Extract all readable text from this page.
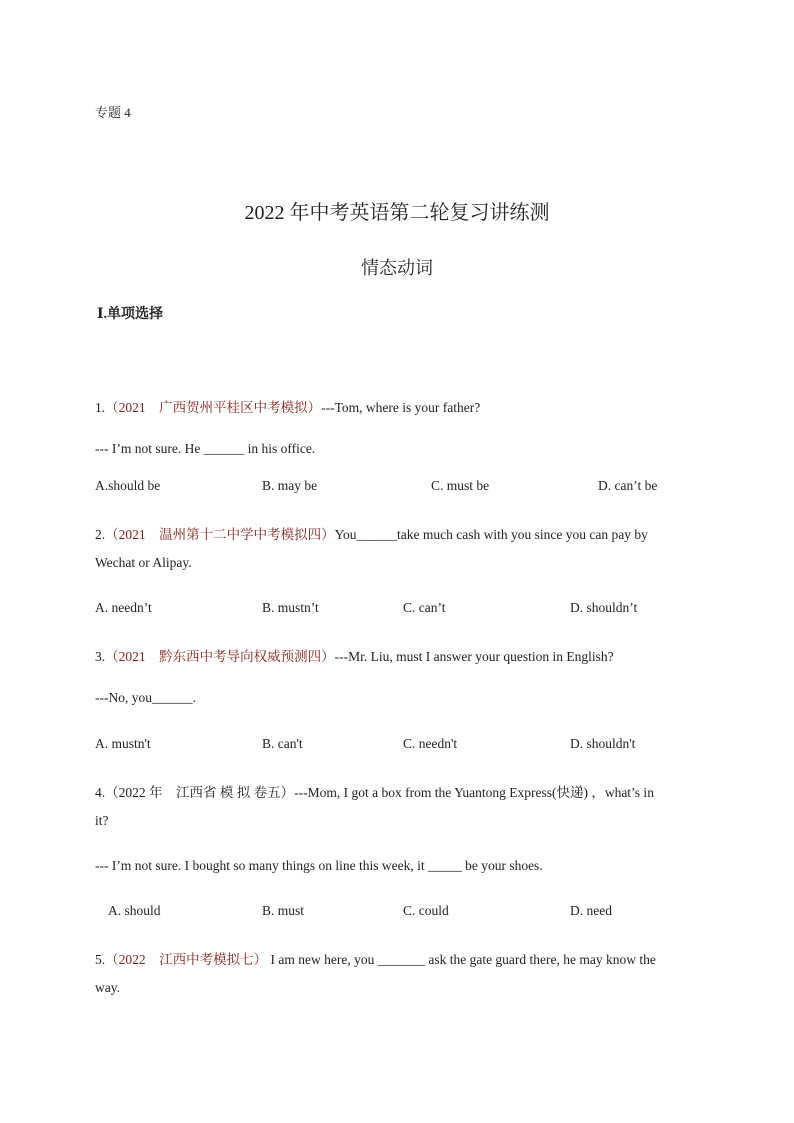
专题 4
2022 年中考英语第二轮复习讲练测
情态动词
Ⅰ.单项选择
1.（2021　广西贺州平桂区中考模拟）---Tom, where is your father?
--- I’m not sure. He ______ in his office.
A.should be	B. may be	C. must be	D. can’t be
2.（2021　温州第十二中学中考模拟四）You______take much cash with you since you can pay by
Wechat or Alipay.
A. needn’t	B. mustn’t	C. can’t	D. shouldn’t
3.（2021　黔东西中考导向权威预测四）---Mr. Liu, must I answer your question in English?
---No, you______.
A. mustn't	B. can't	C. needn't	D. shouldn't
4.（2022 年　江西省 模 拟 卷五）---Mom, I got a box from the Yuantong Express(快递) ，what’s in
it?
--- I’m not sure. I bought so many things on line this week, it _____ be your shoes.
A. should	B. must	C. could	D. need
5.（2022　江西中考模拟七） I am new here, you _______ ask the gate guard there, he may know the
way.
